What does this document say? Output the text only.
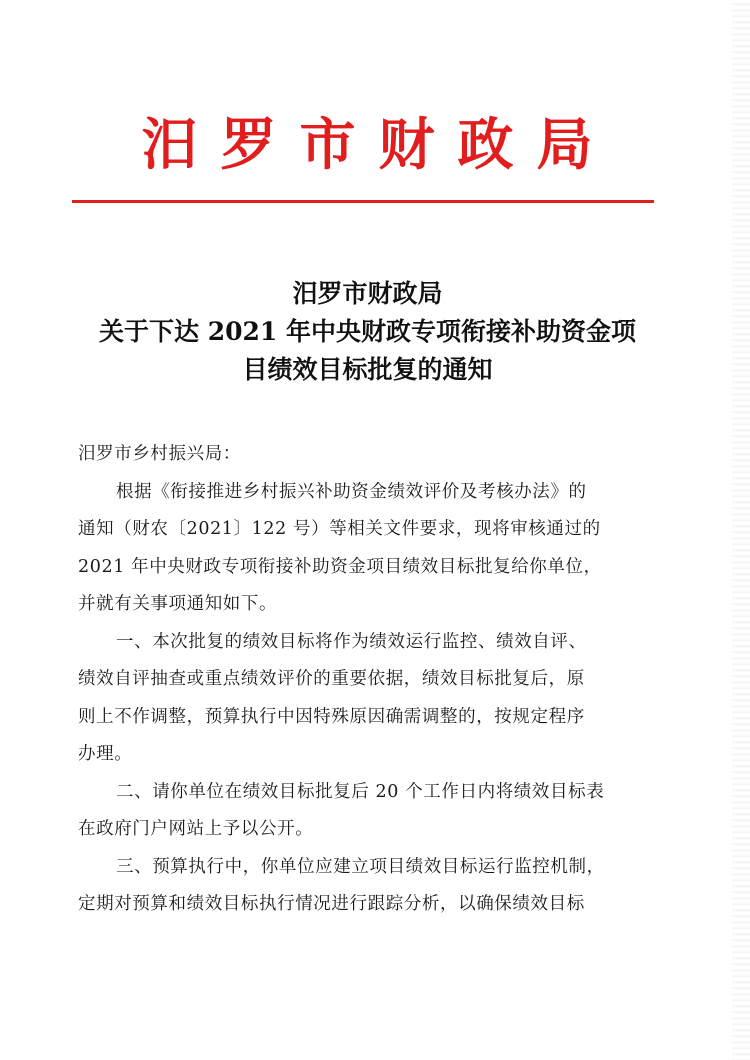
汨罗市财政局
汨罗市财政局
关于下达 2021 年中央财政专项衔接补助资金项
目绩效目标批复的通知
汨罗市乡村振兴局：
根据《衔接推进乡村振兴补助资金绩效评价及考核办法》的
通知（财农〔2021〕122 号）等相关文件要求，现将审核通过的
2021 年中央财政专项衔接补助资金项目绩效目标批复给你单位，
并就有关事项通知如下。
一、本次批复的绩效目标将作为绩效运行监控、绩效自评、
绩效自评抽查或重点绩效评价的重要依据，绩效目标批复后，原
则上不作调整，预算执行中因特殊原因确需调整的，按规定程序
办理。
二、请你单位在绩效目标批复后 20 个工作日内将绩效目标表
在政府门户网站上予以公开。
三、预算执行中，你单位应建立项目绩效目标运行监控机制，
定期对预算和绩效目标执行情况进行跟踪分析，以确保绩效目标
